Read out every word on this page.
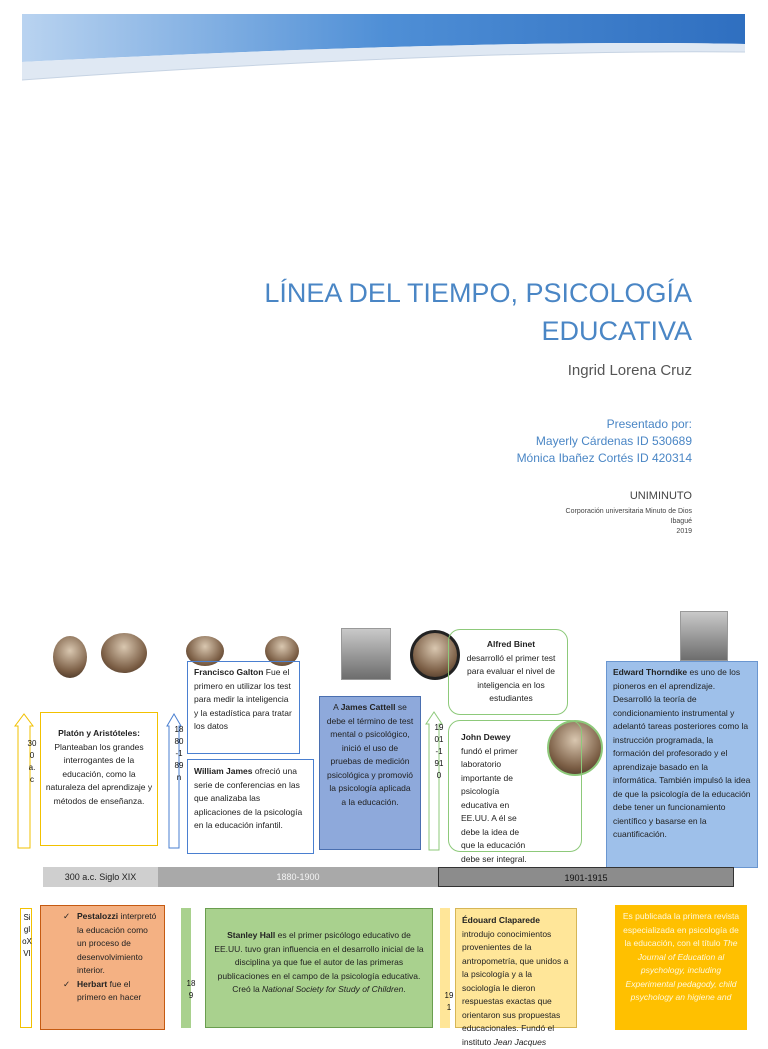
LÍNEA DEL TIEMPO, PSICOLOGÍA
EDUCATIVA
Ingrid Lorena Cruz
Presentado por:
Mayerly Cárdenas ID 530689
Mónica Ibañez Cortés ID 420314
UNIMINUTO
Corporación universitaria Minuto de Dios
Ibagué
2019
300a.c
1880-189n
1901-1910
Platón y Aristóteles: Planteaban los grandes interrogantes de la educación, como la naturaleza del aprendizaje y métodos de enseñanza.
Francisco Galton Fue el primero en utilizar los test para medir la inteligencia y la estadística para tratar los datos
William James ofreció una serie de conferencias en las que analizaba las aplicaciones de la psicología en la educación infantil.
A James Cattell se debe el término de test mental o psicológico, inició el uso de pruebas de medición psicológica y promovió la psicología aplicada a la educación.
Alfred Binet
desarrolló el primer test para evaluar el nivel de inteligencia en los estudiantes
John Dewey fundó el primer laboratorio importante de psicología educativa en EE.UU. A él se debe la idea de que la educación debe ser integral.
Edward Thorndike es uno de los pioneros en el aprendizaje. Desarrolló la teoría de condicionamiento instrumental y adelantó tareas posteriores como la instrucción programada, la formación del profesorado y el aprendizaje basado en la informática. También impulsó la idea de que la psicología de la educación debe tener un funcionamiento científico y basarse en la cuantificación.
300 a.c. Siglo XIX	1880-1900	1901-1915
SigloXVI
✓ Pestalozzi interpretó la educación como un proceso de desenvolvimiento interior.
✓ Herbart fue el primero en hacer
189
Stanley Hall es el primer psicólogo educativo de EE.UU. tuvo gran influencia en el desarrollo inicial de la disciplina ya que fue el autor de las primeras publicaciones en el campo de la psicología educativa. Creó la National Society for Study of Children.
191
Édouard Claparede introdujo conocimientos provenientes de la antropometría, que unidos a la psicología y a la sociología le dieron respuestas exactas que orientaron sus propuestas educacionales. Fundó el instituto Jean Jacques
Es publicada la primera revista especializada en psicología de la educación, con el título The Journal of Education al psychology, including Experimental pedagody, child psychology an higiene and
